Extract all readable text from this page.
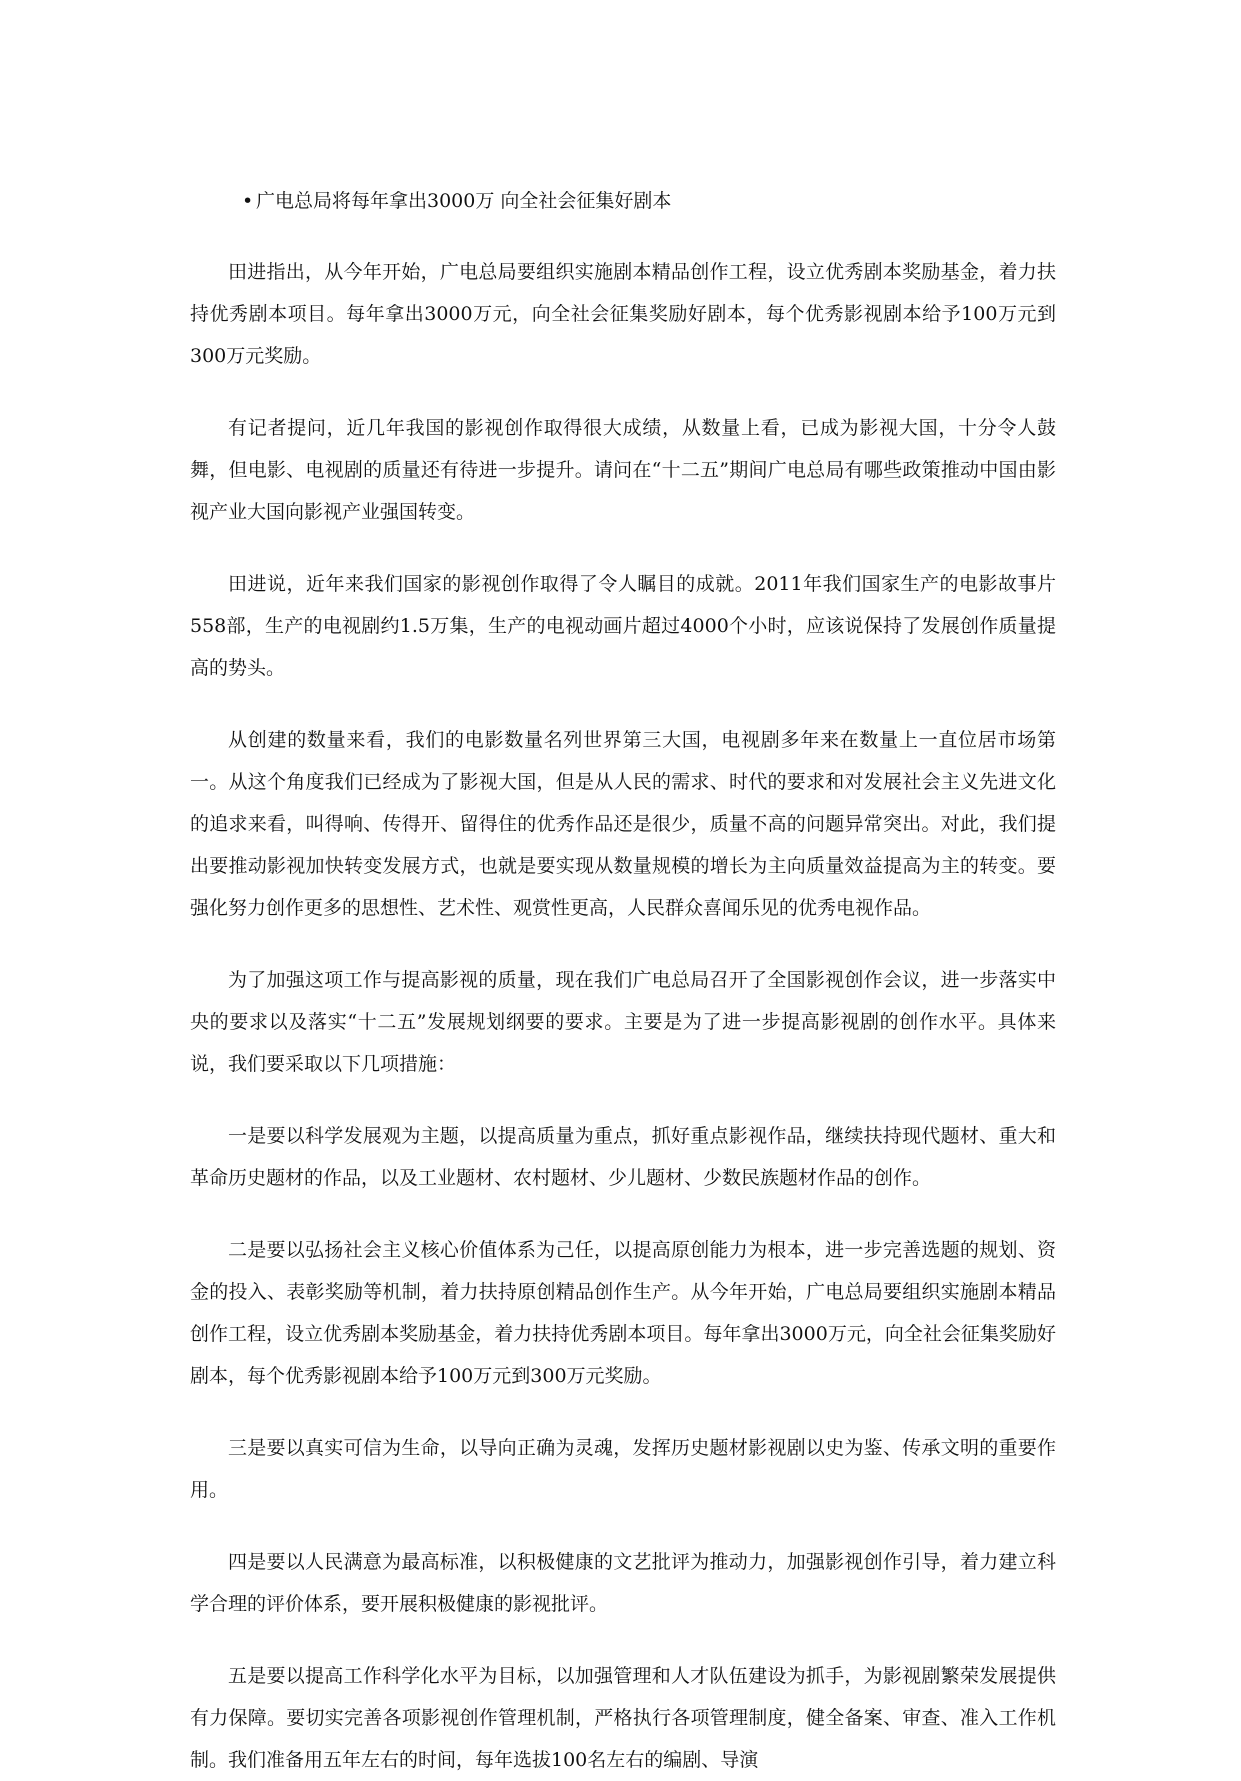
• 广电总局将每年拿出3000万 向全社会征集好剧本

田进指出，从今年开始，广电总局要组织实施剧本精品创作工程，设立优秀剧本奖励基金，着力扶持优秀剧本项目。每年拿出3000万元，向全社会征集奖励好剧本，每个优秀影视剧本给予100万元到300万元奖励。

有记者提问，近几年我国的影视创作取得很大成绩，从数量上看，已成为影视大国，十分令人鼓舞，但电影、电视剧的质量还有待进一步提升。请问在“十二五”期间广电总局有哪些政策推动中国由影视产业大国向影视产业强国转变。

田进说，近年来我们国家的影视创作取得了令人瞩目的成就。2011年我们国家生产的电影故事片558部，生产的电视剧约1.5万集，生产的电视动画片超过4000个小时，应该说保持了发展创作质量提高的势头。

从创建的数量来看，我们的电影数量名列世界第三大国，电视剧多年来在数量上一直位居市场第一。从这个角度我们已经成为了影视大国，但是从人民的需求、时代的要求和对发展社会主义先进文化的追求来看，叫得响、传得开、留得住的优秀作品还是很少，质量不高的问题异常突出。对此，我们提出要推动影视加快转变发展方式，也就是要实现从数量规模的增长为主向质量效益提高为主的转变。要强化努力创作更多的思想性、艺术性、观赏性更高，人民群众喜闻乐见的优秀电视作品。

为了加强这项工作与提高影视的质量，现在我们广电总局召开了全国影视创作会议，进一步落实中央的要求以及落实“十二五”发展规划纲要的要求。主要是为了进一步提高影视剧的创作水平。具体来说，我们要采取以下几项措施：

一是要以科学发展观为主题，以提高质量为重点，抓好重点影视作品，继续扶持现代题材、重大和革命历史题材的作品，以及工业题材、农村题材、少儿题材、少数民族题材作品的创作。

二是要以弘扬社会主义核心价值体系为己任，以提高原创能力为根本，进一步完善选题的规划、资金的投入、表彰奖励等机制，着力扶持原创精品创作生产。从今年开始，广电总局要组织实施剧本精品创作工程，设立优秀剧本奖励基金，着力扶持优秀剧本项目。每年拿出3000万元，向全社会征集奖励好剧本，每个优秀影视剧本给予100万元到300万元奖励。

三是要以真实可信为生命，以导向正确为灵魂，发挥历史题材影视剧以史为鉴、传承文明的重要作用。

四是要以人民满意为最高标准，以积极健康的文艺批评为推动力，加强影视创作引导，着力建立科学合理的评价体系，要开展积极健康的影视批评。

五是要以提高工作科学化水平为目标，以加强管理和人才队伍建设为抓手，为影视剧繁荣发展提供有力保障。要切实完善各项影视创作管理机制，严格执行各项管理制度，健全备案、审查、准入工作机制。我们准备用五年左右的时间，每年选拔100名左右的编剧、导演
